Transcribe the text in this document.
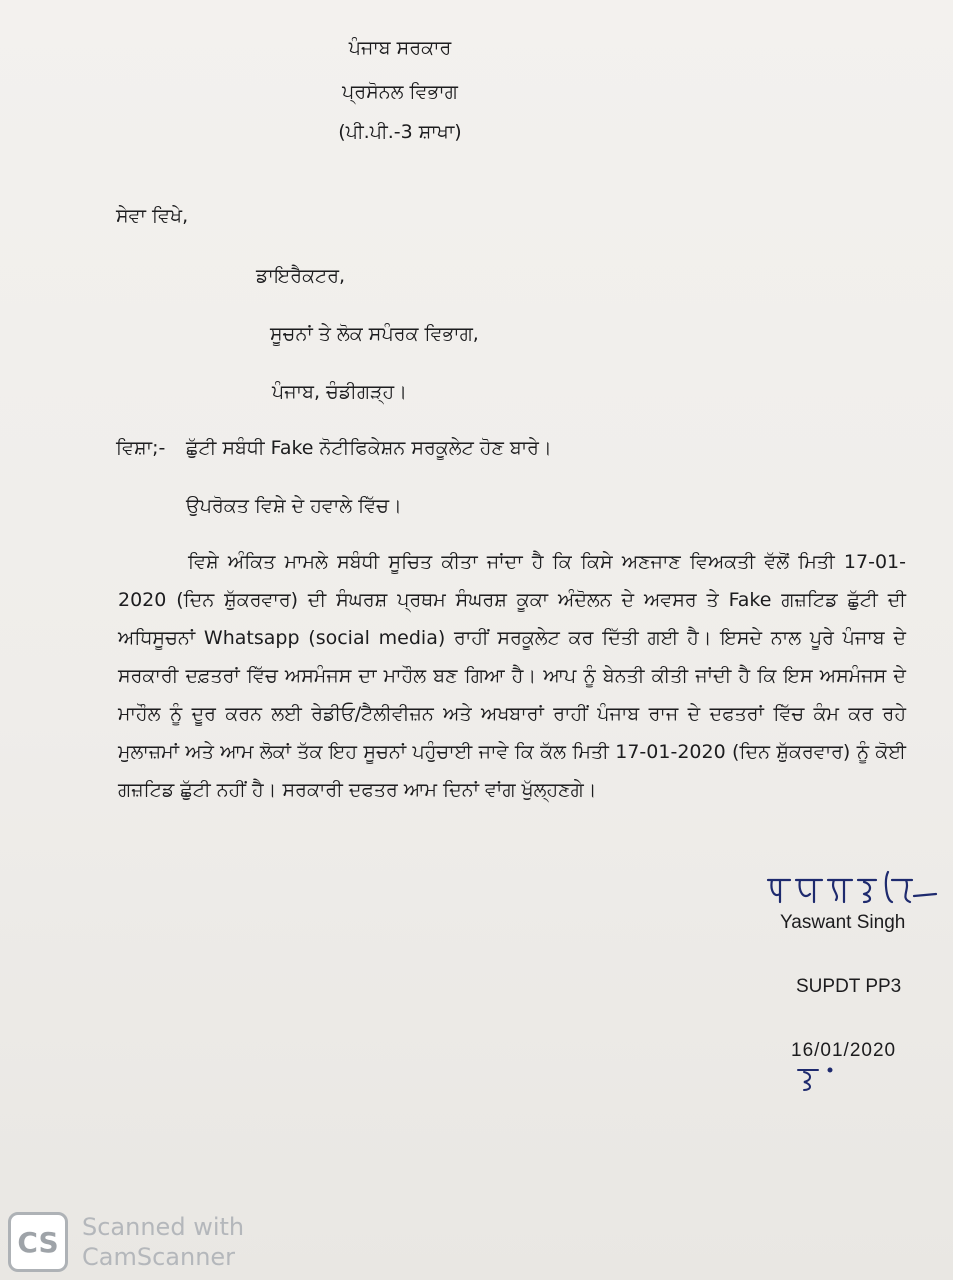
ਪੰਜਾਬ ਸਰਕਾਰ
ਪ੍ਰਸੋਨਲ ਵਿਭਾਗ
(ਪੀ.ਪੀ.-3 ਸ਼ਾਖਾ)
ਸੇਵਾ ਵਿਖੇ,
ਡਾਇਰੈਕਟਰ,
ਸੂਚਨਾਂ ਤੇ ਲੋਕ ਸਪੰਰਕ ਵਿਭਾਗ,
ਪੰਜਾਬ, ਚੰਡੀਗੜ੍ਹ।
ਵਿਸ਼ਾ;- ਛੁੱਟੀ ਸਬੰਧੀ Fake ਨੋਟੀਫਿਕੇਸ਼ਨ ਸਰਕੂਲੇਟ ਹੋਣ ਬਾਰੇ।
ਉਪਰੋਕਤ ਵਿਸ਼ੇ ਦੇ ਹਵਾਲੇ ਵਿੱਚ।
ਵਿਸ਼ੇ ਅੰਕਿਤ ਮਾਮਲੇ ਸਬੰਧੀ ਸੂਚਿਤ ਕੀਤਾ ਜਾਂਦਾ ਹੈ ਕਿ ਕਿਸੇ ਅਣਜਾਣ ਵਿਅਕਤੀ ਵੱਲੋਂ ਮਿਤੀ 17-01-2020 (ਦਿਨ ਸ਼ੁੱਕਰਵਾਰ) ਦੀ ਸੰਘਰਸ਼ ਪ੍ਰਥਮ ਸੰਘਰਸ਼ ਕੂਕਾ ਅੰਦੋਲਨ ਦੇ ਅਵਸਰ ਤੇ Fake ਗਜ਼ਟਿਡ ਛੁੱਟੀ ਦੀ ਅਧਿਸੂਚਨਾਂ Whatsapp (social media) ਰਾਹੀਂ ਸਰਕੂਲੇਟ ਕਰ ਦਿੱਤੀ ਗਈ ਹੈ। ਇਸਦੇ ਨਾਲ ਪੂਰੇ ਪੰਜਾਬ ਦੇ ਸਰਕਾਰੀ ਦਫ਼ਤਰਾਂ ਵਿੱਚ ਅਸਮੰਜਸ ਦਾ ਮਾਹੌਲ ਬਣ ਗਿਆ ਹੈ। ਆਪ ਨੂੰ ਬੇਨਤੀ ਕੀਤੀ ਜਾਂਦੀ ਹੈ ਕਿ ਇਸ ਅਸਮੰਜਸ ਦੇ ਮਾਹੌਲ ਨੂੰ ਦੂਰ ਕਰਨ ਲਈ ਰੇਡੀਓ/ਟੈਲੀਵੀਜ਼ਨ ਅਤੇ ਅਖਬਾਰਾਂ ਰਾਹੀਂ ਪੰਜਾਬ ਰਾਜ ਦੇ ਦਫਤਰਾਂ ਵਿੱਚ ਕੰਮ ਕਰ ਰਹੇ ਮੁਲਾਜ਼ਮਾਂ ਅਤੇ ਆਮ ਲੋਕਾਂ ਤੱਕ ਇਹ ਸੂਚਨਾਂ ਪਹੁੰਚਾਈ ਜਾਵੇ ਕਿ ਕੱਲ ਮਿਤੀ 17-01-2020 (ਦਿਨ ਸ਼ੁੱਕਰਵਾਰ) ਨੂੰ ਕੋਈ ਗਜ਼ਟਿਡ ਛੁੱਟੀ ਨਹੀਂ ਹੈ। ਸਰਕਾਰੀ ਦਫਤਰ ਆਮ ਦਿਨਾਂ ਵਾਂਗ ਖੁੱਲ੍ਹਣਗੇ।
Yaswant Singh
SUPDT PP3
16/01/2020
CS Scanned with
CamScanner
